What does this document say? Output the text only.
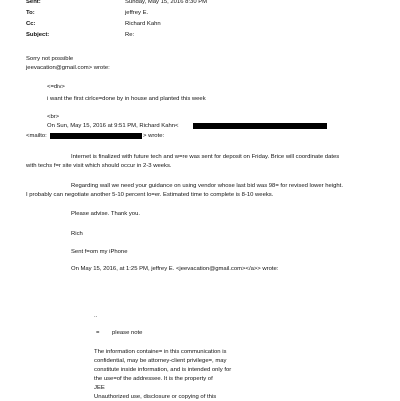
Sent:	Sunday, May 15, 2016 8:30 PM
To:	jeffrey E.
Cc:	Richard Kahn
Subject:	Re:
Sorry not possible
jeevacation@gmail.com> wrote:
<=div>
i want the first cirlce=done by in house and planted this week
<br>
On Sun, May 15, 2016 at 9:51 PM, Richard Kahn<
<mailto:	> wrote:
Internet is finalized with future tech and w=re was sent for deposit on Friday. Brice will coordinate dates
with techs f=r site visit which should occur in 2-3 weeks.
Regarding wall we need your guidance on using vendor whose last bid was 98= for revised lower height.
I probably can negotiate another 5-10 percent lo=er. Estimated time to complete is 8-10 weeks.
Please advise. Thank you.
Rich
Sent f=om my iPhone
On May 15, 2016, at 1:25 PM, jeffrey E. <jeevacation@gmail.com></a>> wrote:
..
= please note
The information containe= in this communication is
confidential, may be attorney-client privilege=, may
constitute inside information, and is intended only for
the use=of the addressee. It is the property of
JEE
Unauthorized use, disclosure or copying of this
